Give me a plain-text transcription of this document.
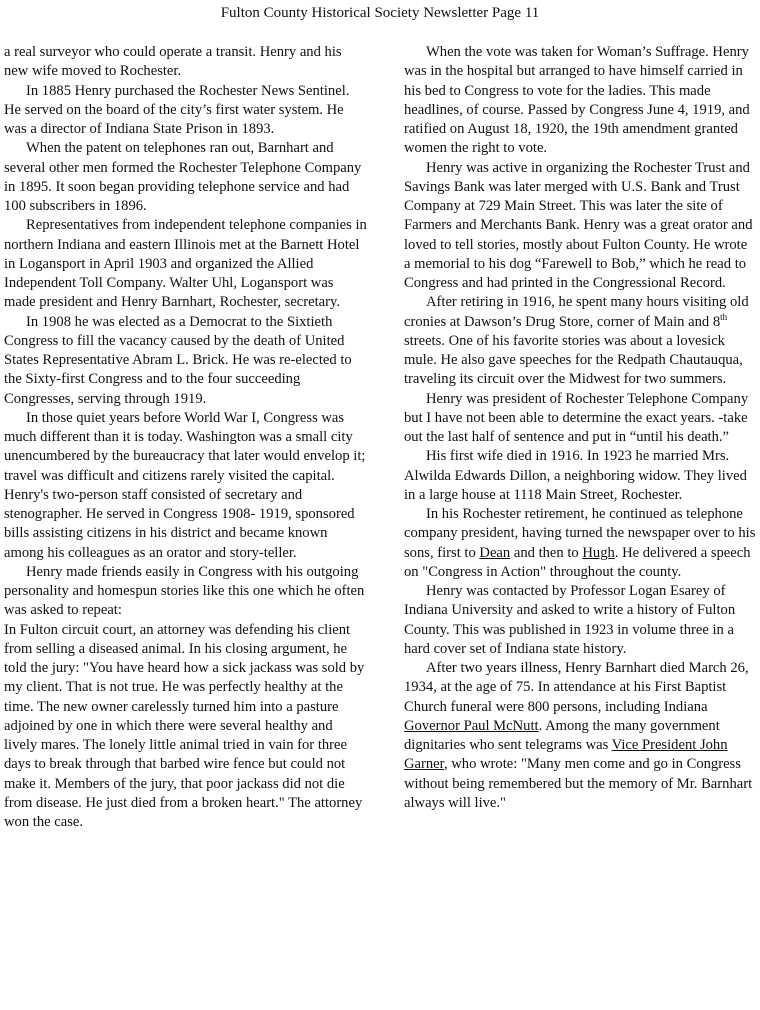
Fulton County Historical Society Newsletter Page 11

a real surveyor who could operate a transit. Henry and his new wife moved to Rochester.

In 1885 Henry purchased the Rochester News Sentinel. He served on the board of the city’s first water system. He was a director of Indiana State Prison in 1893.

When the patent on telephones ran out, Barnhart and several other men formed the Rochester Telephone Company in 1895. It soon began providing telephone service and had 100 subscribers in 1896.

Representatives from independent telephone companies in northern Indiana and eastern Illinois met at the Barnett Hotel in Logansport in April 1903 and organized the Allied Independent Toll Company. Walter Uhl, Logansport was made president and Henry Barnhart, Rochester, secretary.

In 1908 he was elected as a Democrat to the Sixtieth Congress to fill the vacancy caused by the death of United States Representative Abram L. Brick. He was re-elected to the Sixty-first Congress and to the four succeeding Congresses, serving through 1919.

In those quiet years before World War I, Congress was much different than it is today. Washington was a small city unencumbered by the bureaucracy that later would envelop it; travel was difficult and citizens rarely visited the capital. Henry's two-person staff consisted of secretary and stenographer. He served in Congress 1908- 1919, sponsored bills assisting citizens in his district and became known among his colleagues as an orator and story-teller.

Henry made friends easily in Congress with his outgoing personality and homespun stories like this one which he often was asked to repeat:

In Fulton circuit court, an attorney was defending his client from selling a diseased animal. In his closing argument, he told the jury: "You have heard how a sick jackass was sold by my client. That is not true. He was perfectly healthy at the time. The new owner carelessly turned him into a pasture adjoined by one in which there were several healthy and lively mares. The lonely little animal tried in vain for three days to break through that barbed wire fence but could not make it. Members of the jury, that poor jackass did not die from disease. He just died from a broken heart." The attorney won the case.

When the vote was taken for Woman’s Suffrage. Henry was in the hospital but arranged to have himself carried in his bed to Congress to vote for the ladies. This made headlines, of course. Passed by Congress June 4, 1919, and ratified on August 18, 1920, the 19th amendment granted women the right to vote.

Henry was active in organizing the Rochester Trust and Savings Bank was later merged with U.S. Bank and Trust Company at 729 Main Street. This was later the site of Farmers and Merchants Bank. Henry was a great orator and loved to tell stories, mostly about Fulton County. He wrote a memorial to his dog “Farewell to Bob,” which he read to Congress and had printed in the Congressional Record.

After retiring in 1916, he spent many hours visiting old cronies at Dawson’s Drug Store, corner of Main and 8th streets. One of his favorite stories was about a lovesick mule. He also gave speeches for the Redpath Chautauqua, traveling its circuit over the Midwest for two summers.

Henry was president of Rochester Telephone Company but I have not been able to determine the exact years. -take out the last half of sentence and put in “until his death.”

His first wife died in 1916. In 1923 he married Mrs. Alwilda Edwards Dillon, a neighboring widow. They lived in a large house at 1118 Main Street, Rochester.

In his Rochester retirement, he continued as telephone company president, having turned the newspaper over to his sons, first to Dean and then to Hugh. He delivered a speech on "Congress in Action" throughout the county.

Henry was contacted by Professor Logan Esarey of Indiana University and asked to write a history of Fulton County. This was published in 1923 in volume three in a hard cover set of Indiana state history.

After two years illness, Henry Barnhart died March 26, 1934, at the age of 75. In attendance at his First Baptist Church funeral were 800 persons, including Indiana Governor Paul McNutt. Among the many government dignitaries who sent telegrams was Vice President John Garner, who wrote: "Many men come and go in Congress without being remembered but the memory of Mr. Barnhart always will live."
